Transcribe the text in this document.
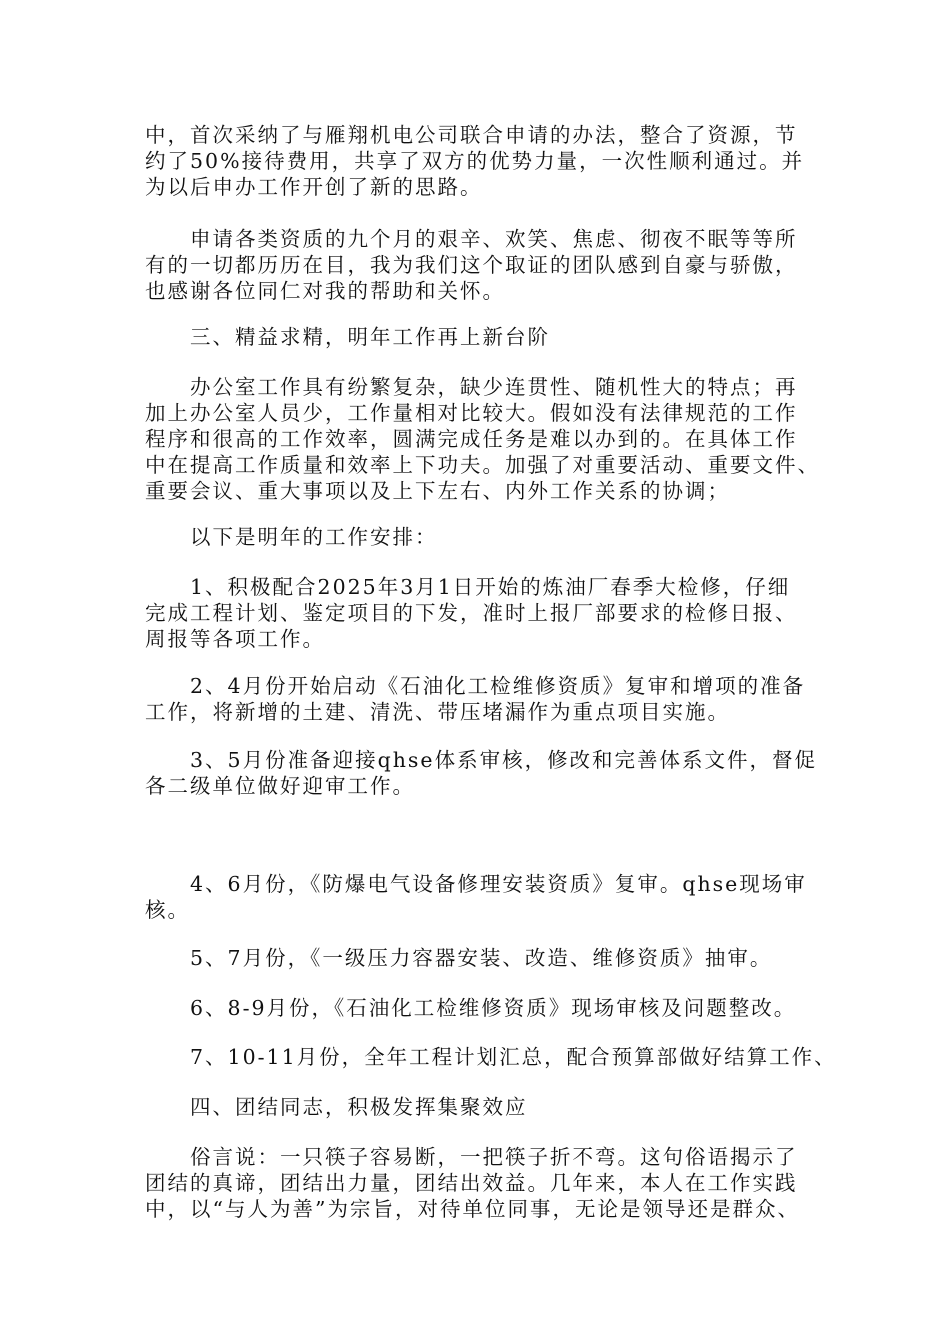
中，首次采纳了与雁翔机电公司联合申请的办法，整合了资源，节
约了50%接待费用，共享了双方的优势力量，一次性顺利通过。并
为以后申办工作开创了新的思路。
申请各类资质的九个月的艰辛、欢笑、焦虑、彻夜不眠等等所
有的一切都历历在目，我为我们这个取证的团队感到自豪与骄傲，
也感谢各位同仁对我的帮助和关怀。
三、精益求精，明年工作再上新台阶
办公室工作具有纷繁复杂，缺少连贯性、随机性大的特点；再
加上办公室人员少，工作量相对比较大。假如没有法律规范的工作
程序和很高的工作效率，圆满完成任务是难以办到的。在具体工作
中在提高工作质量和效率上下功夫。加强了对重要活动、重要文件、
重要会议、重大事项以及上下左右、内外工作关系的协调；
以下是明年的工作安排：
1、积极配合2025年3月1日开始的炼油厂春季大检修，仔细
完成工程计划、鉴定项目的下发，准时上报厂部要求的检修日报、
周报等各项工作。
2、4月份开始启动《石油化工检维修资质》复审和增项的准备
工作，将新增的土建、清洗、带压堵漏作为重点项目实施。
3、5月份准备迎接qhse体系审核，修改和完善体系文件，督促
各二级单位做好迎审工作。
4、6月份，《防爆电气设备修理安装资质》复审。qhse现场审
核。
5、7月份，《一级压力容器安装、改造、维修资质》抽审。
6、8-9月份，《石油化工检维修资质》现场审核及问题整改。
7、10-11月份，全年工程计划汇总，配合预算部做好结算工作、
四、团结同志，积极发挥集聚效应
俗言说：一只筷子容易断，一把筷子折不弯。这句俗语揭示了
团结的真谛，团结出力量，团结出效益。几年来，本人在工作实践
中，以“与人为善”为宗旨，对待单位同事，无论是领导还是群众、
